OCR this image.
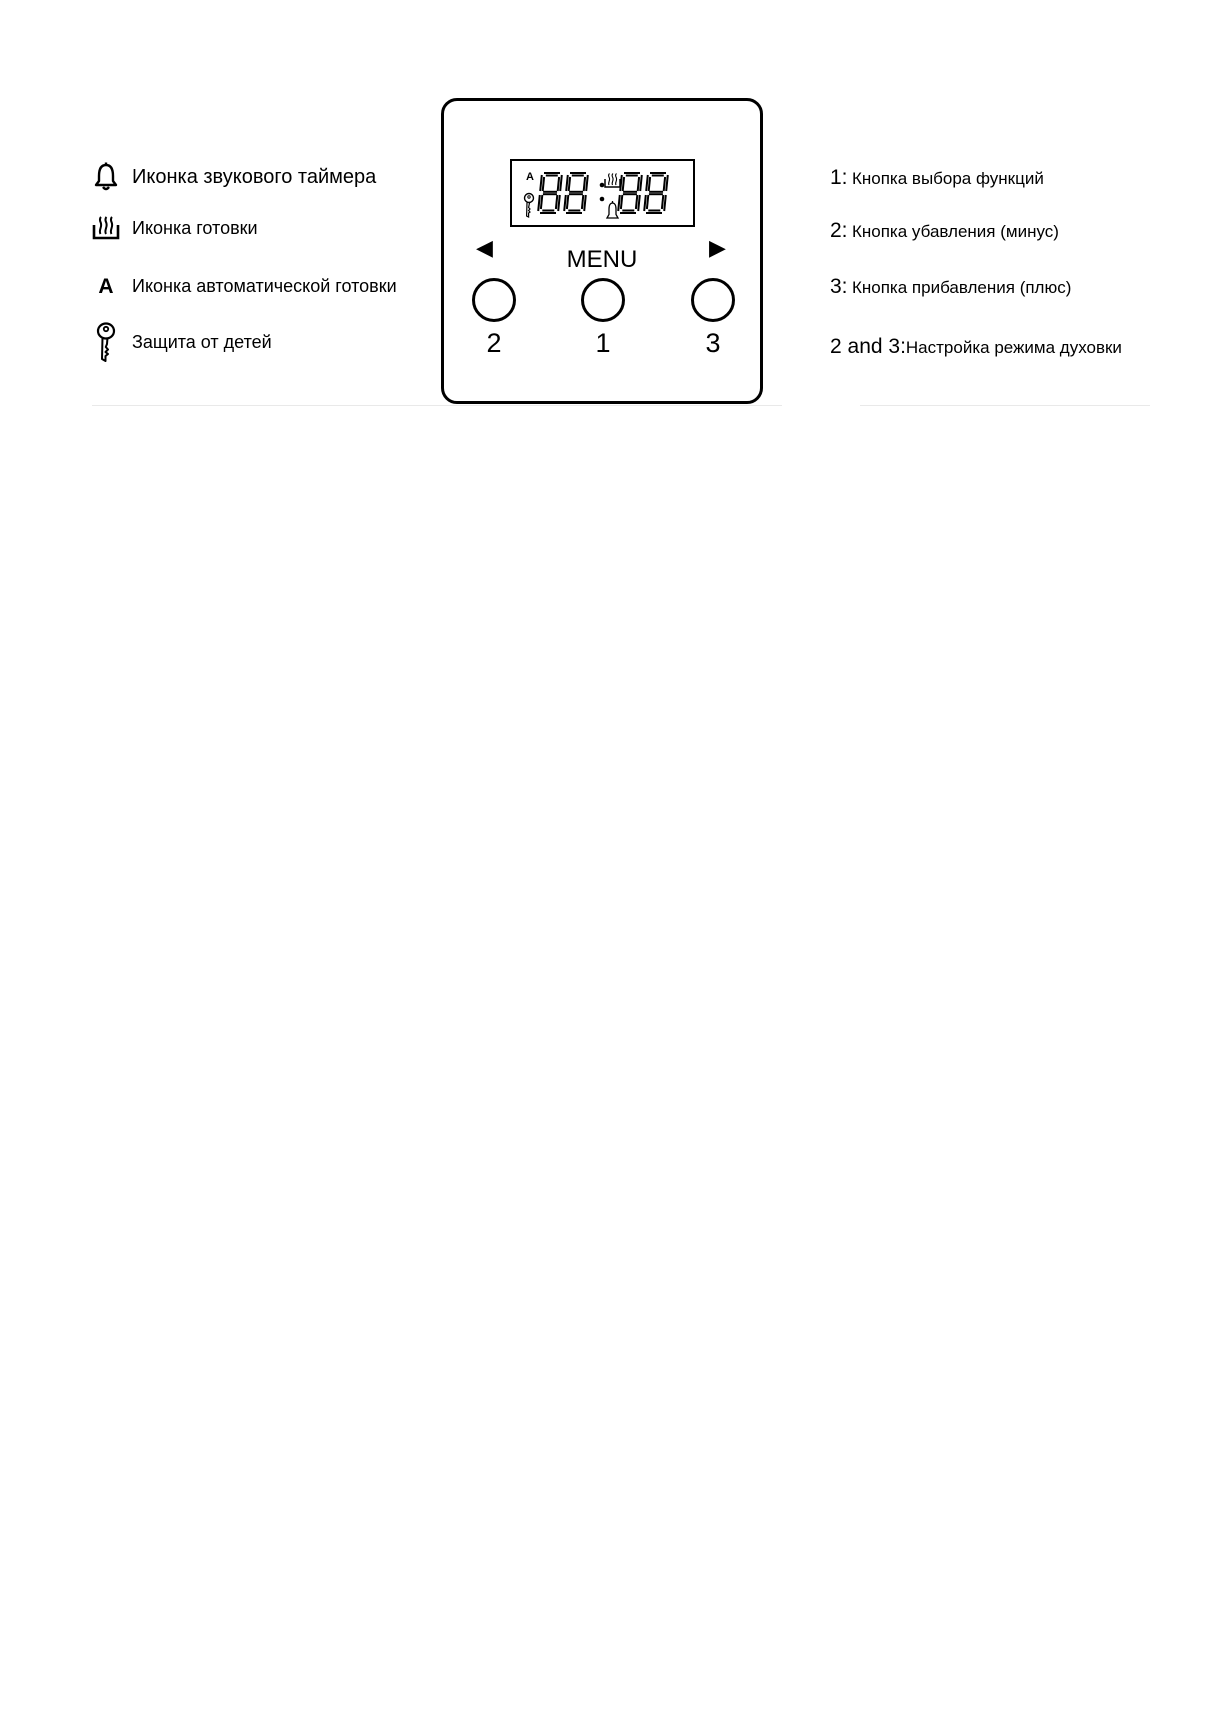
Иконка звукового таймера
Иконка готовки
A Иконка автоматической готовки
Защита от детей
A
◀	▶
MENU
2	1	3
1: Кнопка выбора функций
2: Кнопка убавления (минус)
3: Кнопка прибавления (плюс)
2 and 3:Настройка режима духовки
